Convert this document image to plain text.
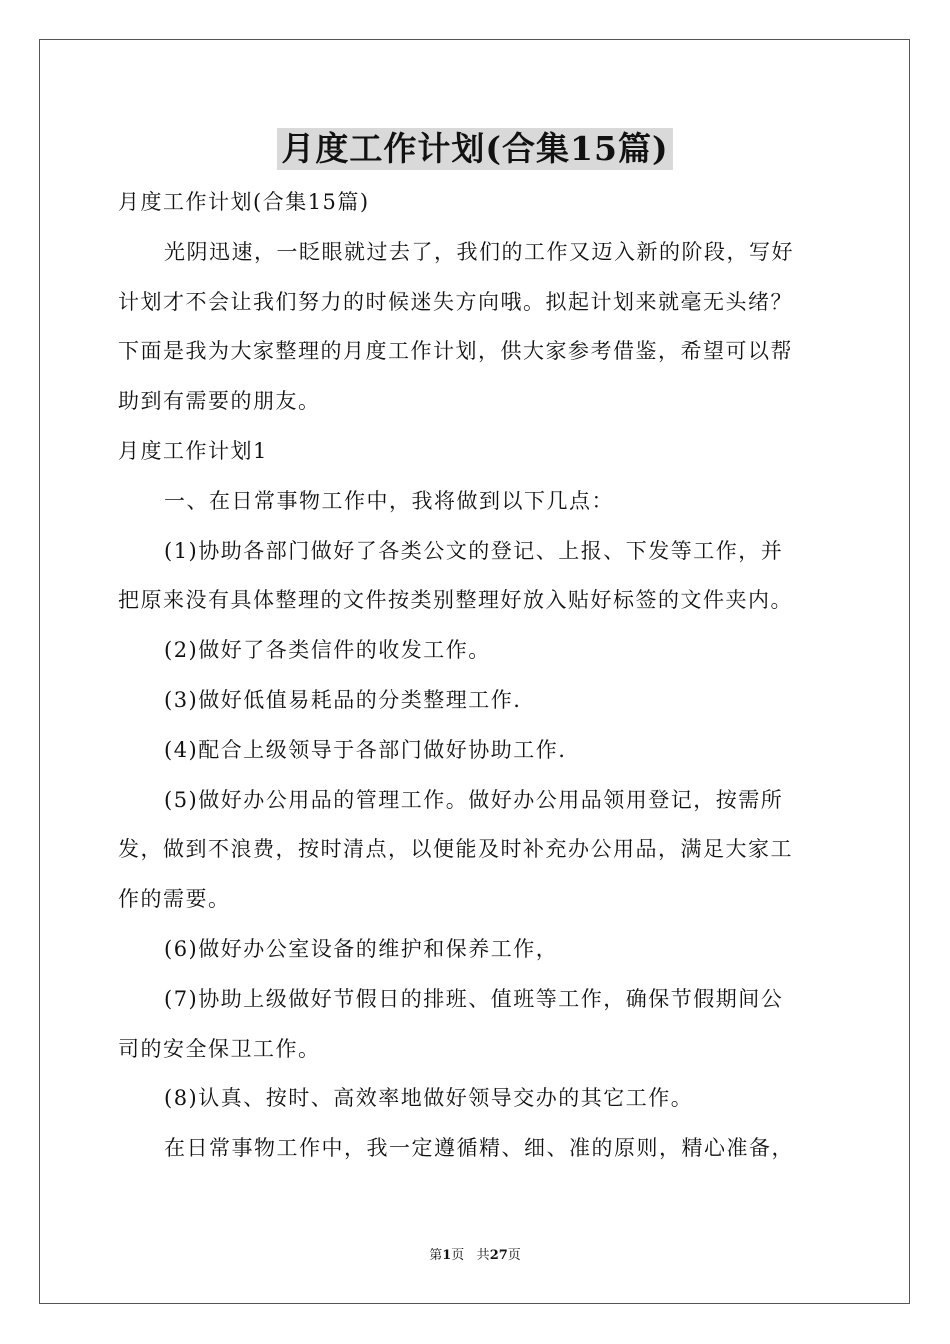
月度工作计划(合集15篇)
月度工作计划(合集15篇)
光阴迅速，一眨眼就过去了，我们的工作又迈入新的阶段，写好
计划才不会让我们努力的时候迷失方向哦。拟起计划来就毫无头绪？
下面是我为大家整理的月度工作计划，供大家参考借鉴，希望可以帮
助到有需要的朋友。
月度工作计划1
一、在日常事物工作中，我将做到以下几点：
(1)协助各部门做好了各类公文的登记、上报、下发等工作，并
把原来没有具体整理的文件按类别整理好放入贴好标签的文件夹内。
(2)做好了各类信件的收发工作。
(3)做好低值易耗品的分类整理工作.
(4)配合上级领导于各部门做好协助工作.
(5)做好办公用品的管理工作。做好办公用品领用登记，按需所
发，做到不浪费，按时清点，以便能及时补充办公用品，满足大家工
作的需要。
(6)做好办公室设备的维护和保养工作，
(7)协助上级做好节假日的排班、值班等工作，确保节假期间公
司的安全保卫工作。
(8)认真、按时、高效率地做好领导交办的其它工作。
在日常事物工作中，我一定遵循精、细、准的原则，精心准备，
第1页 共27页
